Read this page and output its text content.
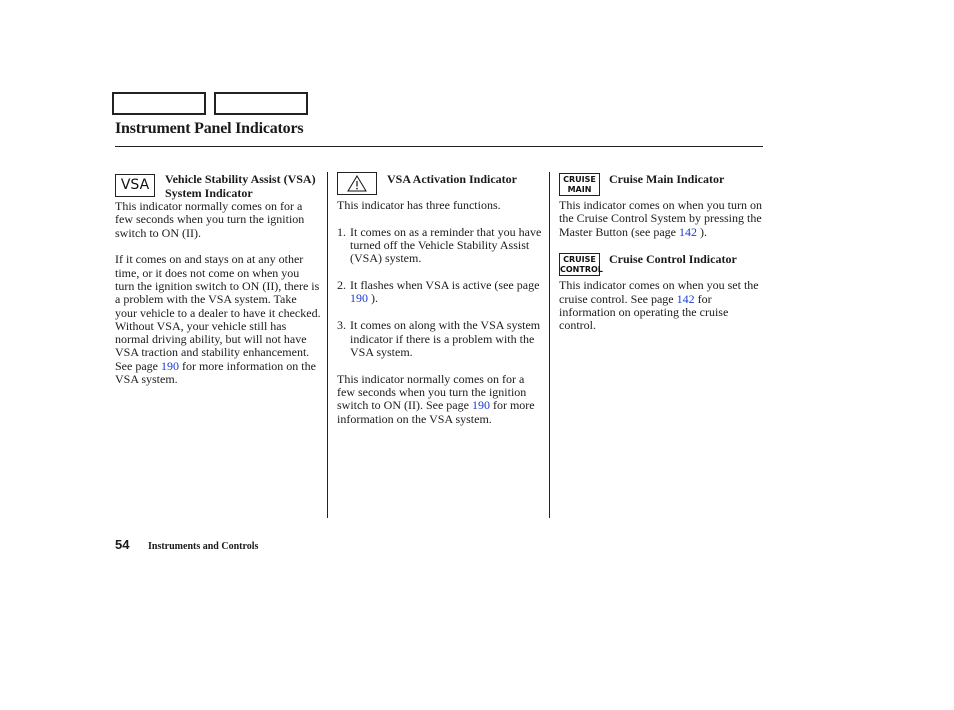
Instrument Panel Indicators
VSA	Vehicle Stability Assist (VSA) System Indicator

This indicator normally comes on for a few seconds when you turn the ignition switch to ON (II).

If it comes on and stays on at any other time, or it does not come on when you turn the ignition switch to ON (II), there is a problem with the VSA system. Take your vehicle to a dealer to have it checked. Without VSA, your vehicle still has normal driving ability, but will not have VSA traction and stability enhancement. See page 190 for more information on the VSA system.

VSA Activation Indicator

This indicator has three functions.

1. It comes on as a reminder that you have turned off the Vehicle Stability Assist (VSA) system.
2. It flashes when VSA is active (see page 190 ).
3. It comes on along with the VSA system indicator if there is a problem with the VSA system.

This indicator normally comes on for a few seconds when you turn the ignition switch to ON (II). See page 190 for more information on the VSA system.

CRUISE
MAIN
Cruise Main Indicator

This indicator comes on when you turn on the Cruise Control System by pressing the Master Button (see page 142 ).

CRUISE
CONTROL
Cruise Control Indicator

This indicator comes on when you set the cruise control. See page 142 for information on operating the cruise control.

54 Instruments and Controls
